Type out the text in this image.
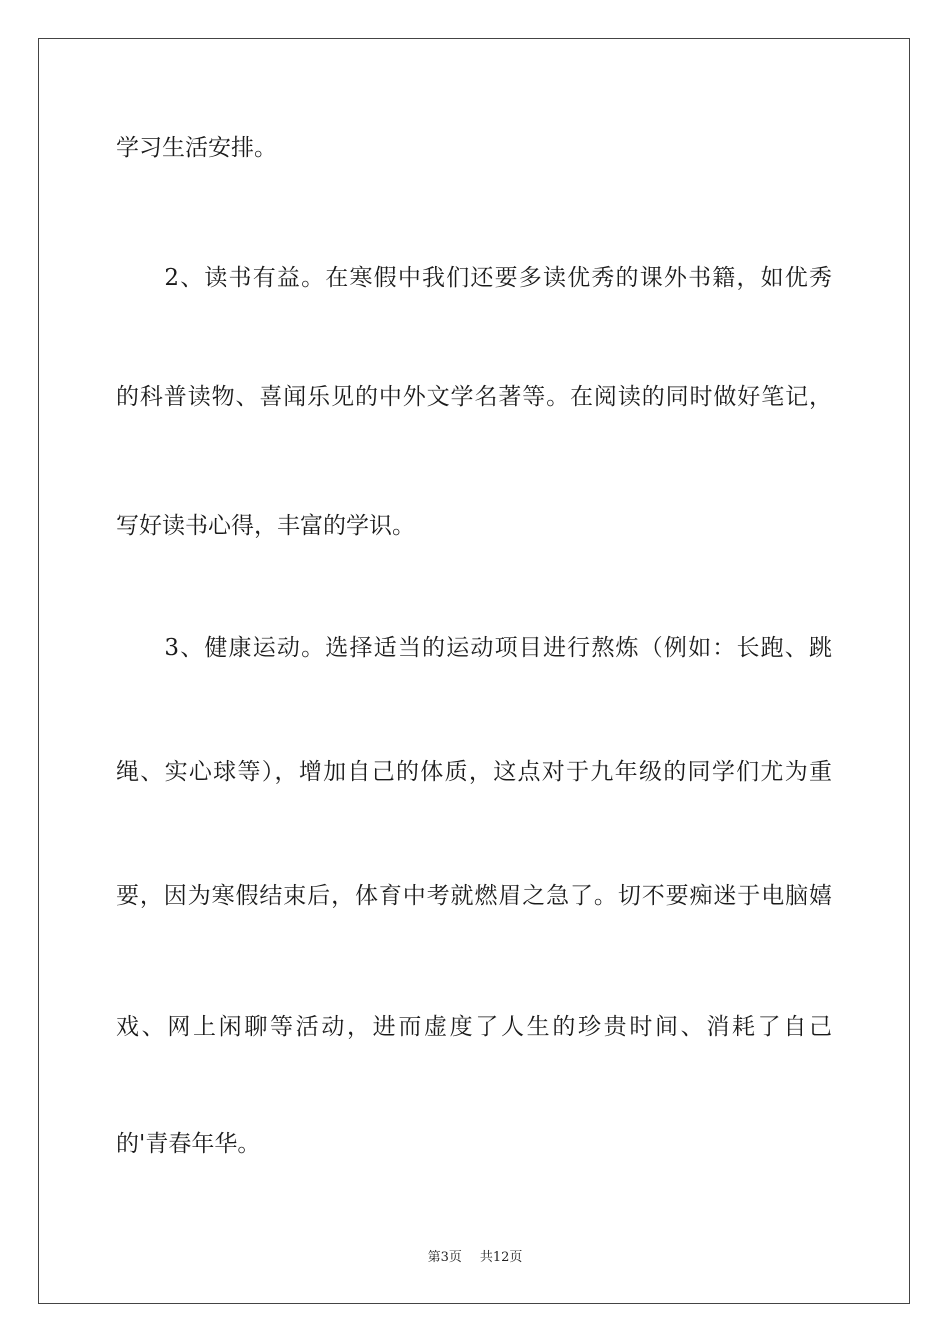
学习生活安排。
　　2、读书有益。在寒假中我们还要多读优秀的课外书籍，如优秀
的科普读物、喜闻乐见的中外文学名著等。在阅读的同时做好笔记，
写好读书心得，丰富的学识。
　　3、健康运动。选择适当的运动项目进行熬炼（例如：长跑、跳
绳、实心球等），增加自己的体质，这点对于九年级的同学们尤为重
要，因为寒假结束后，体育中考就燃眉之急了。切不要痴迷于电脑嬉
戏、网上闲聊等活动，进而虚度了人生的珍贵时间、消耗了自己
的'青春年华。
第3页 共12页
